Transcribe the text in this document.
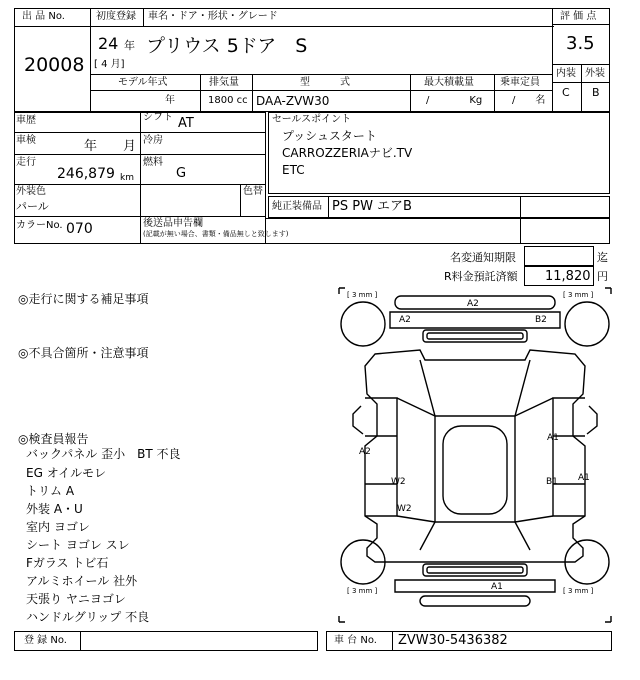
出 品 No.
20008
初度登録 車名・ドア・形状・グレード
24 年
[ 4 月]
プリウス 5ドア　S
評 価 点
3.5
内装 外装
C B
モデル年式	排気量	型　　　式	最大積載量	乗車定員
年	1800 cc DAA-ZVW30	/　　　　Kg	/　　名
車歴	シフト AT
車検	年　　月 冷房
走行
246,879 km
燃料
G
外装色
パール
色替
セールスポイント
プッシュスタート
CARROZZERIAナビ.TV
ETC
純正装備品 PS PW エアB
カラーNo. 070	後送品申告欄
(記載が無い場合、書類・備品無しと致します)
名変通知期限	迄
R料金預託済額 11,820 円
◎走行に関する補足事項
◎不具合箇所・注意事項
◎検査員報告
バックパネル 歪小　BT 不良
EG オイルモレ
トリム A
外装 A・U
室内 ヨゴレ
シート ヨゴレ スレ
Fガラス トビ石
アルミホイール 社外
天張り ヤニヨゴレ
ハンドルグリップ 不良
[ 3 mm ]	[ 3 mm ]
[ 3 mm ]	[ 3 mm ]
A2
A2	B2
A2
A1
W2	B1 A1
W2
A1
登 録 No.	車 台 No. ZVW30-5436382
